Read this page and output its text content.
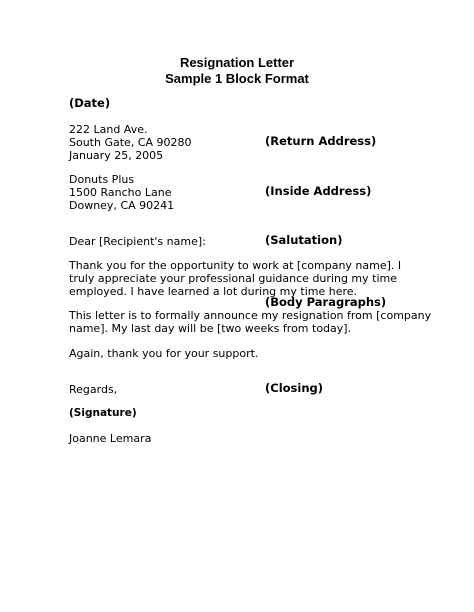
Resignation Letter
Sample 1 Block Format
(Date)
222 Land Ave.
South Gate, CA 90280
January 25, 2005
(Return Address)
Donuts Plus
1500 Rancho Lane
Downey, CA 90241
(Inside Address)
Dear [Recipient's name]:	(Salutation)
Thank you for the opportunity to work at [company name]. I
truly appreciate your professional guidance during my time
employed. I have learned a lot during my time here.
(Body Paragraphs)
This letter is to formally announce my resignation from [company
name]. My last day will be [two weeks from today].
Again, thank you for your support.
Regards,	(Closing)
(Signature)
Joanne Lemara
